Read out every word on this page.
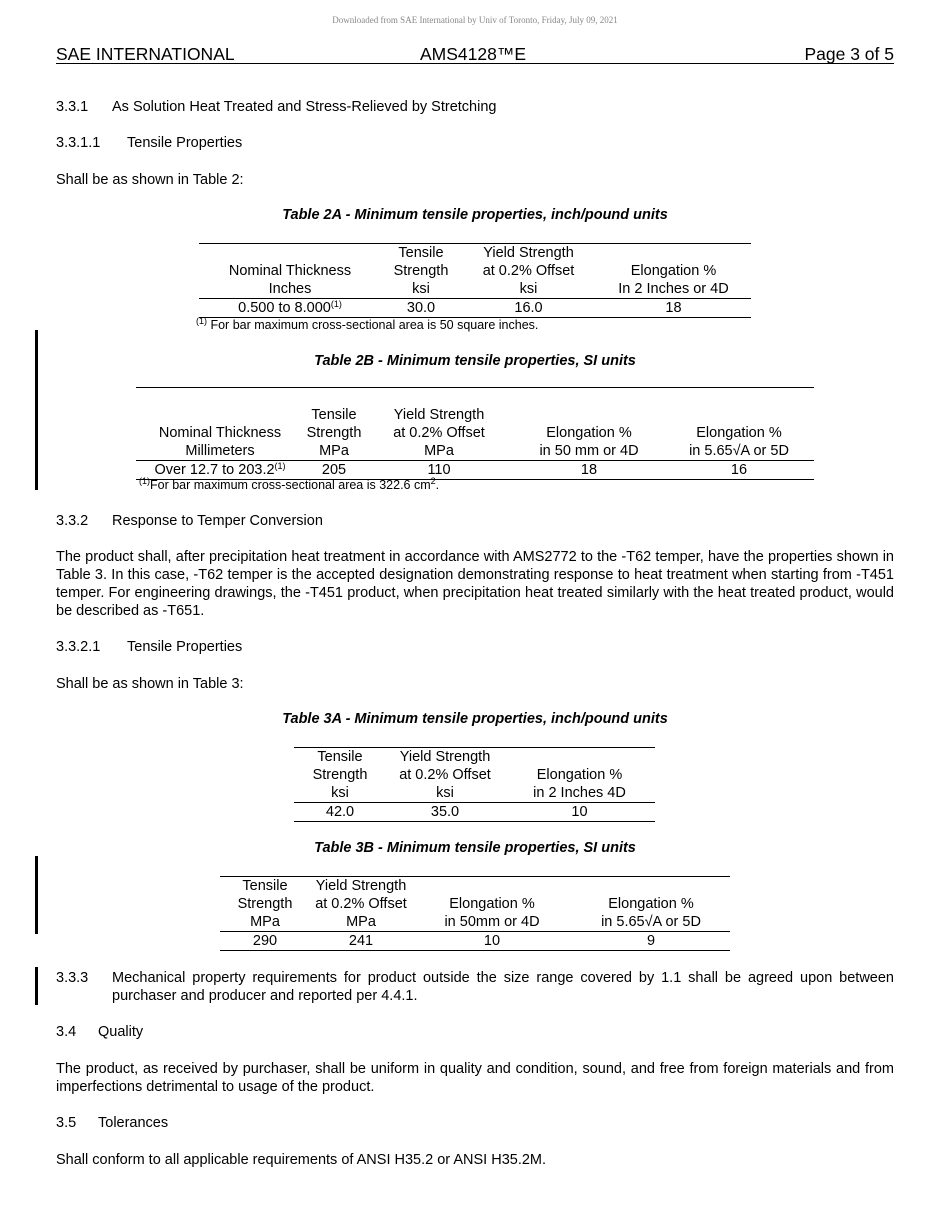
Downloaded from SAE International by Univ of Toronto, Friday, July 09, 2021
SAE INTERNATIONAL	AMS4128™E	Page 3 of 5
3.3.1 As Solution Heat Treated and Stress-Relieved by Stretching
3.3.1.1 Tensile Properties
Shall be as shown in Table 2:
Table 2A - Minimum tensile properties, inch/pound units
	Tensile	Yield Strength	
Nominal Thickness	Strength	at 0.2% Offset	Elongation %
Inches	ksi	ksi	In 2 Inches or 4D
0.500 to 8.000$^{(1)}$	30.0	16.0	18
$^{(1)}$ For bar maximum cross-sectional area is 50 square inches.
Table 2B - Minimum tensile properties, SI units
	Tensile	Yield Strength		
Nominal Thickness	Strength	at 0.2% Offset	Elongation %	Elongation %
Millimeters	MPa	MPa	in 50 mm or 4D	in 5.65√A or 5D
Over 12.7 to 203.2$^{(1)}$	205	110	18	16
$^{(1)}$For bar maximum cross-sectional area is 322.6 $cm^2$.
3.3.2 Response to Temper Conversion
The product shall, after precipitation heat treatment in accordance with AMS2772 to the -T62 temper, have the properties shown in Table 3. In this case, -T62 temper is the accepted designation demonstrating response to heat treatment when starting from -T451 temper. For engineering drawings, the -T451 product, when precipitation heat treated similarly with the heat treated product, would be described as -T651.
3.3.2.1 Tensile Properties
Shall be as shown in Table 3:
Table 3A - Minimum tensile properties, inch/pound units
Tensile	Yield Strength	
Strength	at 0.2% Offset	Elongation %
ksi	ksi	in 2 Inches 4D
42.0	35.0	10
Table 3B - Minimum tensile properties, SI units
Tensile	Yield Strength		
Strength	at 0.2% Offset	Elongation %	Elongation %
MPa	MPa	in 50mm or 4D	in 5.65√A or 5D
290	241	10	9
3.3.3 Mechanical property requirements for product outside the size range covered by 1.1 shall be agreed upon between purchaser and producer and reported per 4.4.1.
3.4 Quality
The product, as received by purchaser, shall be uniform in quality and condition, sound, and free from foreign materials and from imperfections detrimental to usage of the product.
3.5 Tolerances
Shall conform to all applicable requirements of ANSI H35.2 or ANSI H35.2M.
